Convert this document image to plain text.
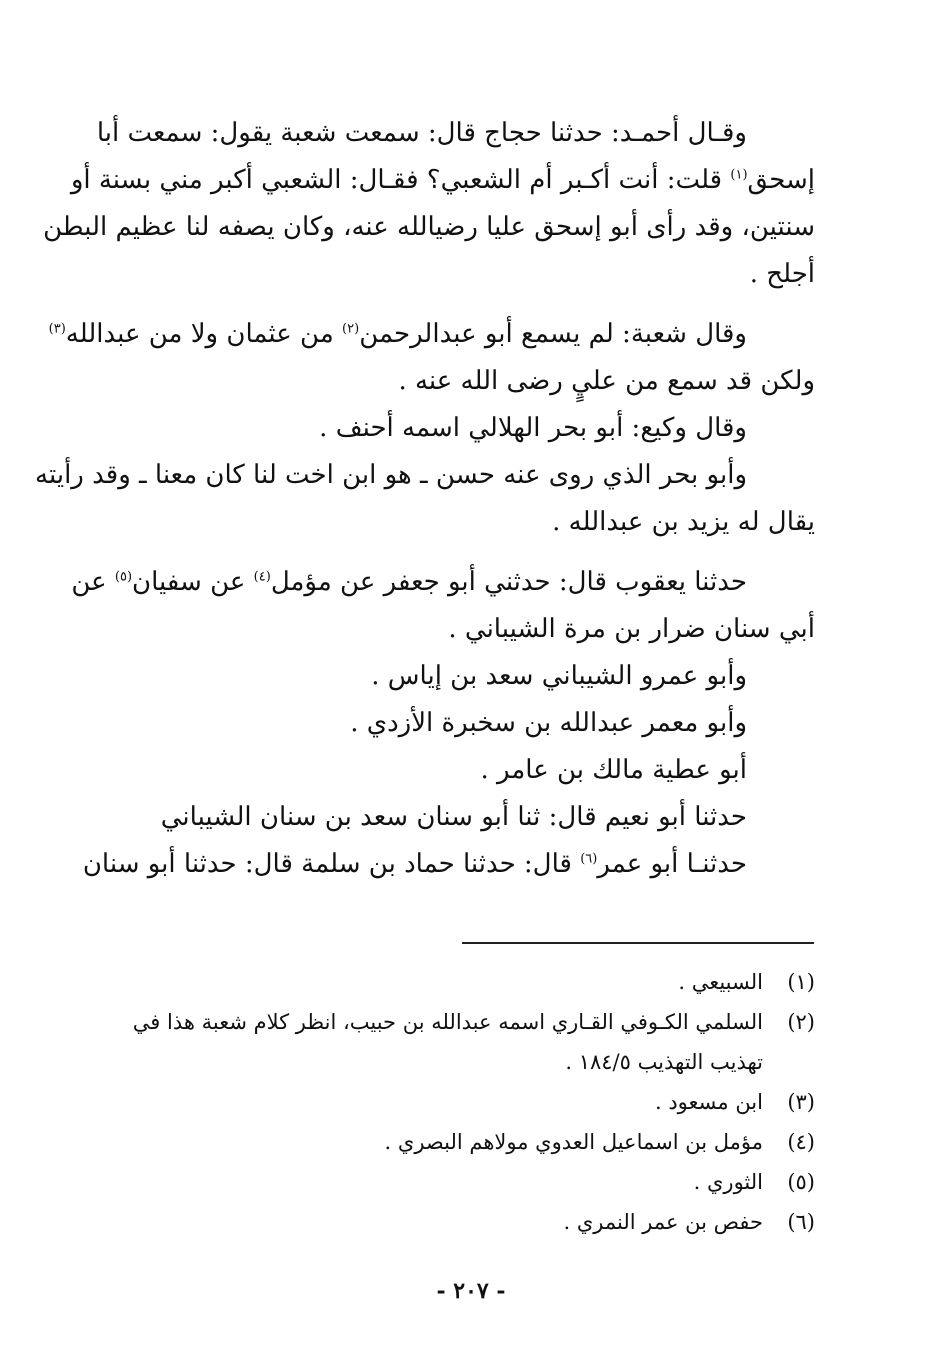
وقـال أحمـد: حدثنا حجاج قال: سمعت شعبة يقول: سمعت أبا
إسحق$^{(١)}$ قلت: أنت أكـبر أم الشعبي؟ فقـال: الشعبي أكبر مني بسنة أو
سنتين، وقد رأى أبو إسحق عليا رضيالله عنه، وكان يصفه لنا عظيم البطن
أجلح .
وقال شعبة: لم يسمع أبو عبدالرحمن$^{(٢)}$ من عثمان ولا من عبدالله$^{(٣)}$
ولكن قد سمع من عليٍ رضى الله عنه .
وقال وكيع: أبو بحر الهلالي اسمه أحنف .
وأبو بحر الذي روى عنه حسن ـ هو ابن اخت لنا كان معنا ـ وقد رأيته
يقال له يزيد بن عبدالله .
حدثنا يعقوب قال: حدثني أبو جعفر عن مؤمل$^{(٤)}$ عن سفيان$^{(٥)}$ عن
أبي سنان ضرار بن مرة الشيباني .
وأبو عمرو الشيباني سعد بن إياس .
وأبو معمر عبدالله بن سخبرة الأزدي .
أبو عطية مالك بن عامر .
حدثنا أبو نعيم قال: ثنا أبو سنان سعد بن سنان الشيباني
حدثنـا أبو عمر$^{(٦)}$ قال: حدثنا حماد بن سلمة قال: حدثنا أبو سنان
(١)السبيعي .
(٢)السلمي الكـوفي القـاري اسمه عبدالله بن حبيب، انظر كلام شعبة هذا في
تهذيب التهذيب ١٨٤/٥ .
(٣)ابن مسعود .
(٤)مؤمل بن اسماعيل العدوي مولاهم البصري .
(٥)الثوري .
(٦)حفص بن عمر النمري .
- ٢٠٧ -
